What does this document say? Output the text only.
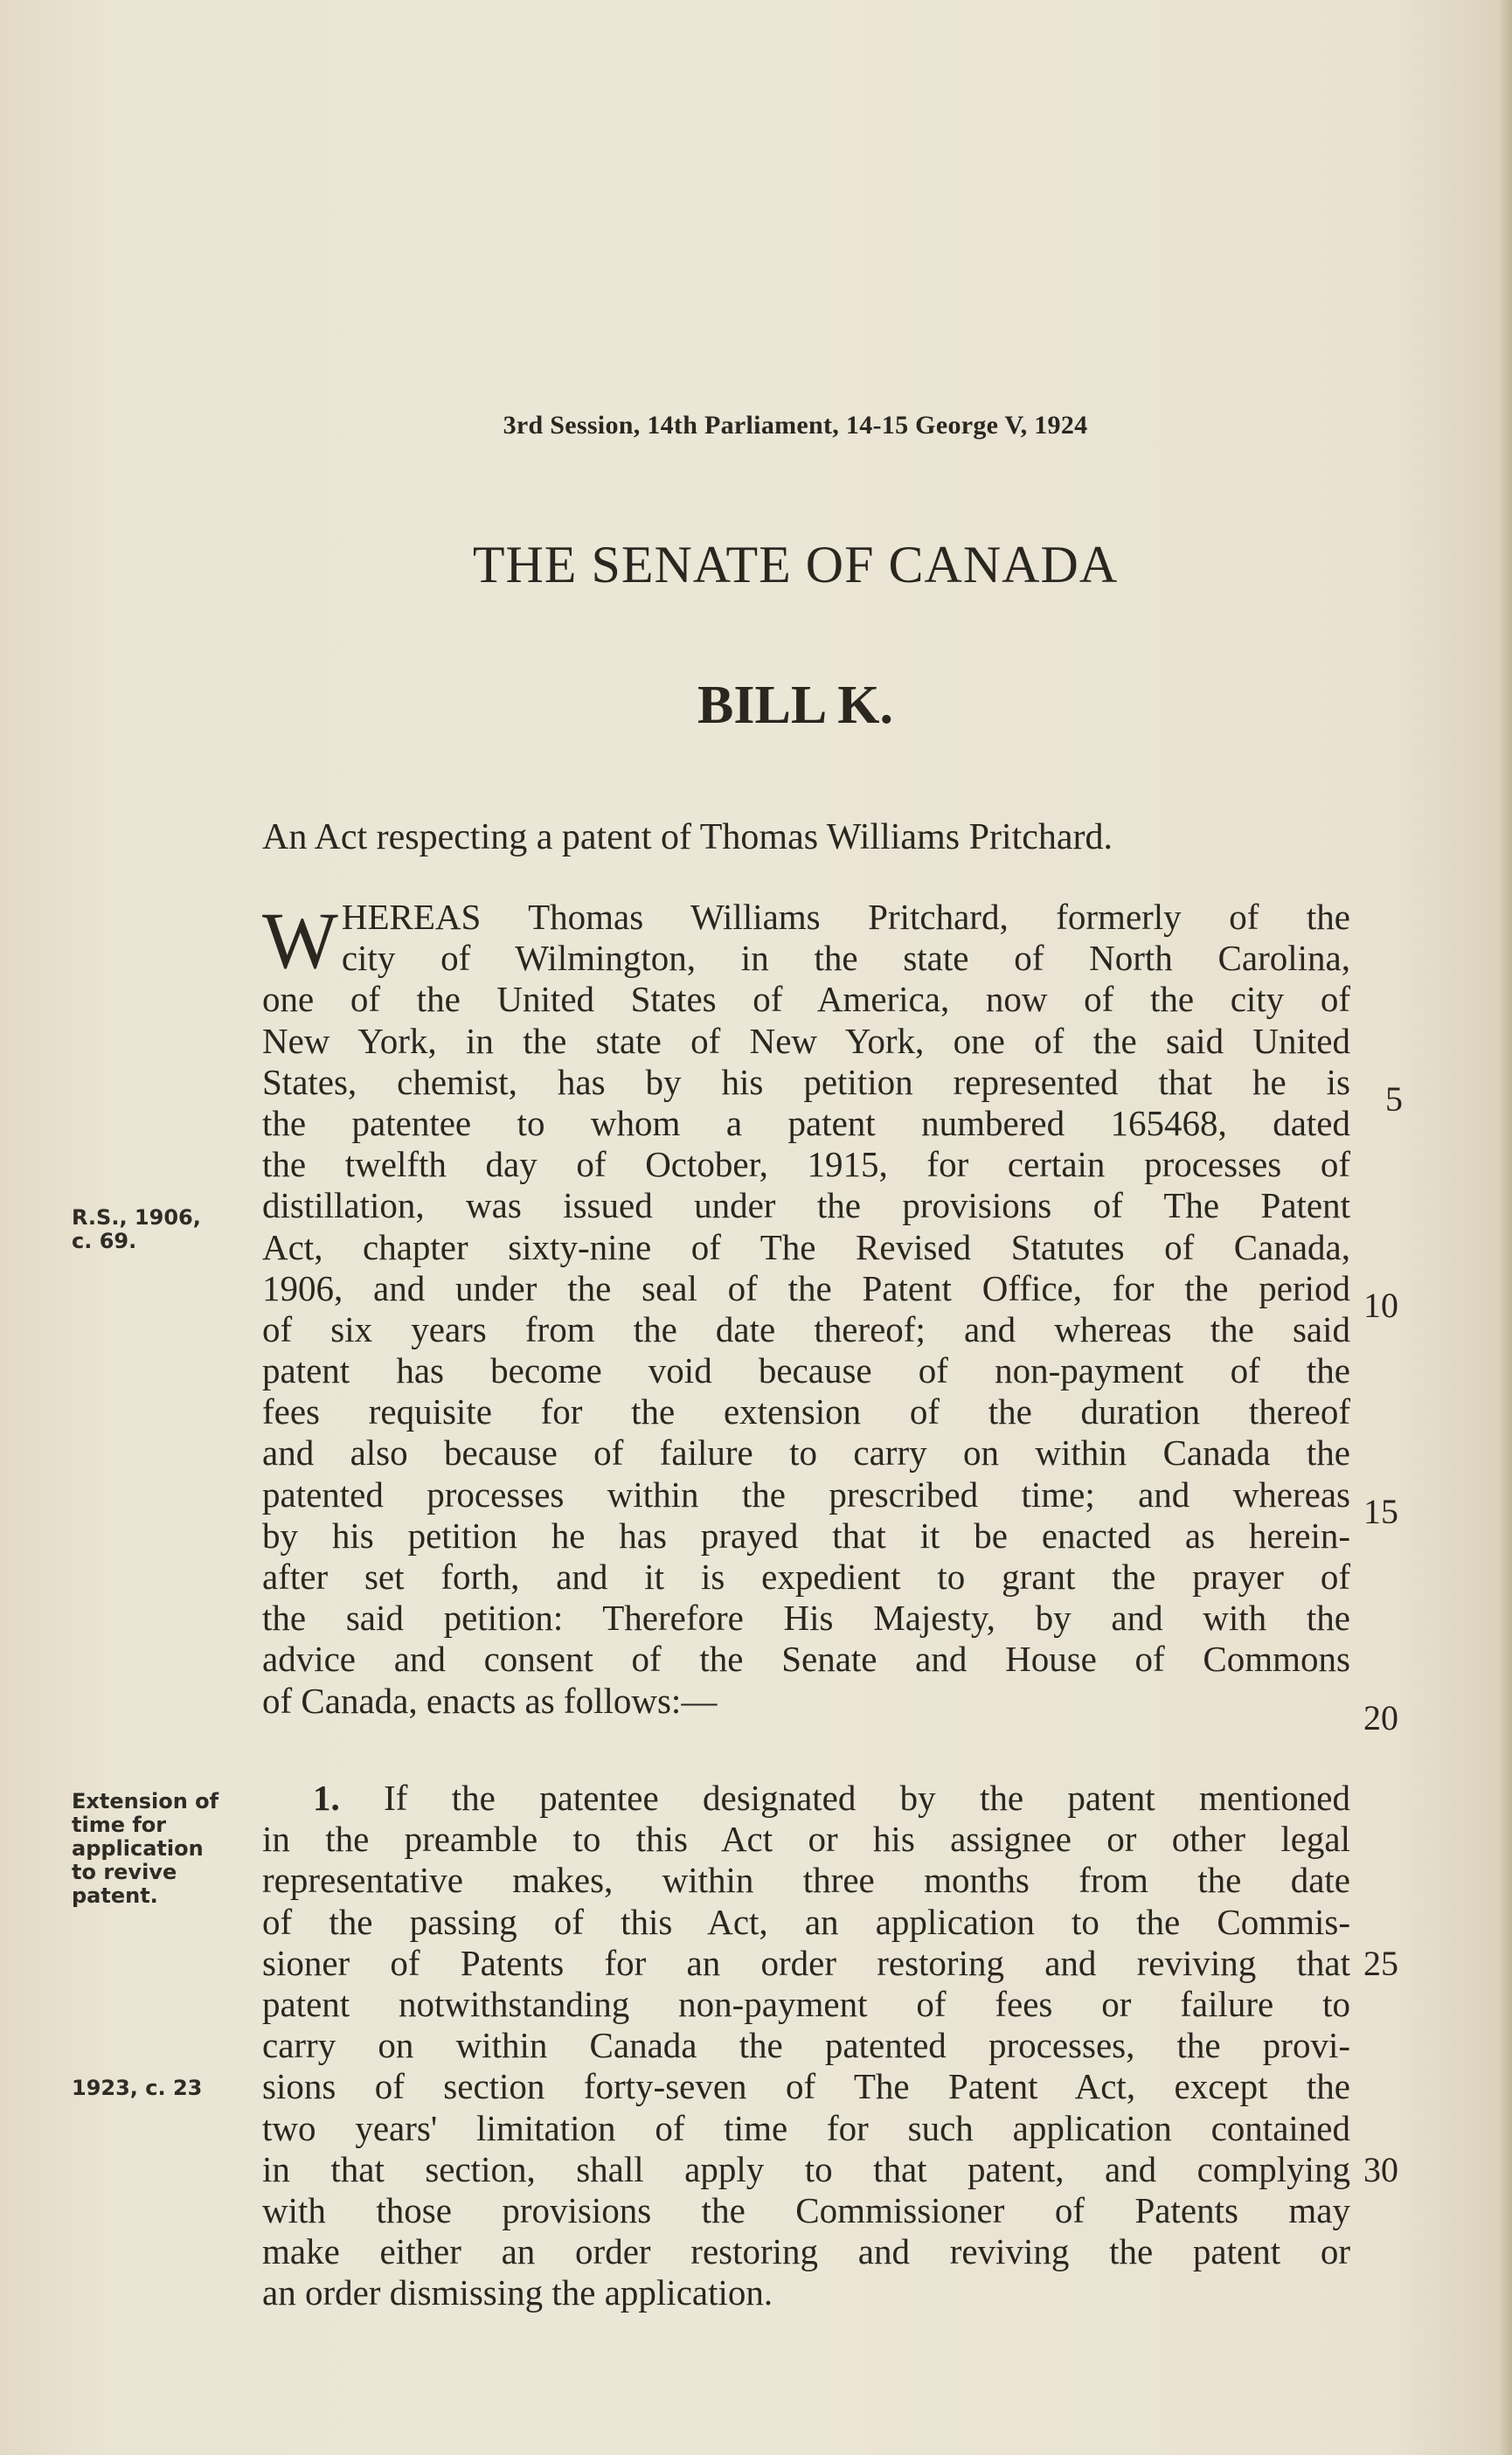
3rd Session, 14th Parliament, 14-15 George V, 1924
THE SENATE OF CANADA
BILL K.
An Act respecting a patent of Thomas Williams Pritchard.
W HEREAS Thomas Williams Pritchard, formerly of the
city of Wilmington, in the state of North Carolina,
one of the United States of America, now of the city of
New York, in the state of New York, one of the said United
States, chemist, has by his petition represented that he is
the patentee to whom a patent numbered 165468, dated
the twelfth day of October, 1915, for certain processes of
distillation, was issued under the provisions of The Patent
Act, chapter sixty-nine of The Revised Statutes of Canada,
1906, and under the seal of the Patent Office, for the period
of six years from the date thereof; and whereas the said
patent has become void because of non-payment of the
fees requisite for the extension of the duration thereof
and also because of failure to carry on within Canada the
patented processes within the prescribed time; and whereas
by his petition he has prayed that it be enacted as herein-
after set forth, and it is expedient to grant the prayer of
the said petition: Therefore His Majesty, by and with the
advice and consent of the Senate and House of Commons
of Canada, enacts as follows:—
1. If the patentee designated by the patent mentioned
in the preamble to this Act or his assignee or other legal
representative makes, within three months from the date
of the passing of this Act, an application to the Commis-
sioner of Patents for an order restoring and reviving that
patent notwithstanding non-payment of fees or failure to
carry on within Canada the patented processes, the provi-
sions of section forty-seven of The Patent Act, except the
two years' limitation of time for such application contained
in that section, shall apply to that patent, and complying
with those provisions the Commissioner of Patents may
make either an order restoring and reviving the patent or
an order dismissing the application.
5
10
15
20
25
30
R.S., 1906,
c. 69.
Extension of
time for
application
to revive
patent.
1923, c. 23
